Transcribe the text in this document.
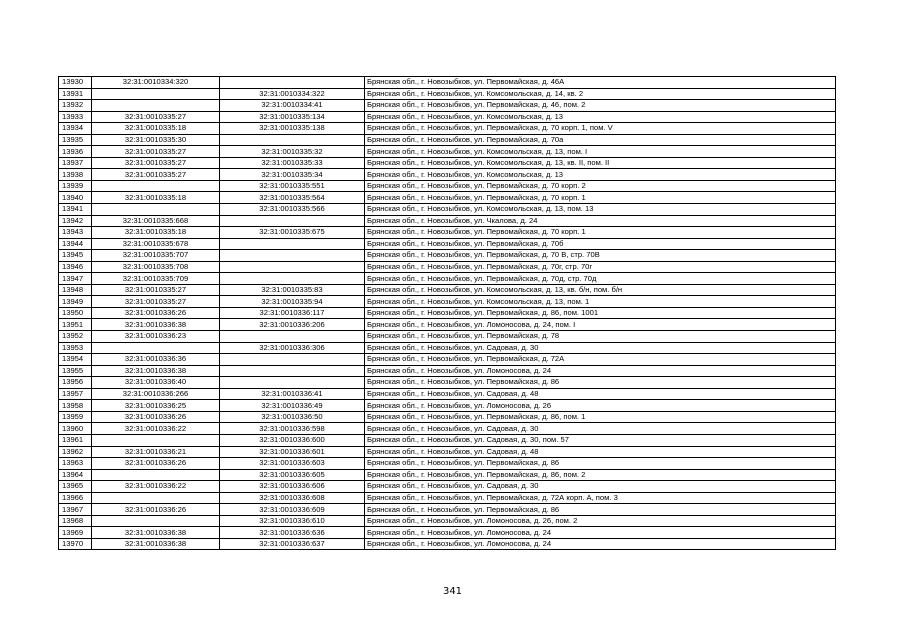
13930	32:31:0010334:320		Брянская обл., г. Новозыбков, ул. Первомайская, д. 46А
13931		32:31:0010334:322	Брянская обл., г. Новозыбков, ул. Комсомольская, д. 14, кв. 2
13932		32:31:0010334:41	Брянская обл., г. Новозыбков, ул. Первомайская, д. 46, пом. 2
13933	32:31:0010335:27	32:31:0010335:134	Брянская обл., г. Новозыбков, ул. Комсомольская, д. 13
13934	32:31:0010335:18	32:31:0010335:138	Брянская обл., г. Новозыбков, ул. Первомайская, д. 70 корп. 1, пом. V
13935	32:31:0010335:30		Брянская обл., г. Новозыбков, ул. Первомайская, д. 70а
13936	32:31:0010335:27	32:31:0010335:32	Брянская обл., г. Новозыбков, ул. Комсомольская, д. 13, пом. I
13937	32:31:0010335:27	32:31:0010335:33	Брянская обл., г. Новозыбков, ул. Комсомольская, д. 13, кв. II, пом. II
13938	32:31:0010335:27	32:31:0010335:34	Брянская обл., г. Новозыбков, ул. Комсомольская, д. 13
13939		32:31:0010335:551	Брянская обл., г. Новозыбков, ул. Первомайская, д. 70 корп. 2
13940	32:31:0010335:18	32:31:0010335:564	Брянская обл., г. Новозыбков, ул. Первомайская, д. 70 корп. 1
13941		32:31:0010335:566	Брянская обл., г. Новозыбков, ул. Комсомольская, д. 13, пом. 13
13942	32:31:0010335:668		Брянская обл., г. Новозыбков, ул. Чкалова, д. 24
13943	32:31:0010335:18	32:31:0010335:675	Брянская обл., г. Новозыбков, ул. Первомайская, д. 70 корп. 1
13944	32:31:0010335:678		Брянская обл., г. Новозыбков, ул. Первомайская, д. 70б
13945	32:31:0010335:707		Брянская обл., г. Новозыбков, ул. Первомайская, д. 70 В, стр. 70В
13946	32:31:0010335:708		Брянская обл., г. Новозыбков, ул. Первомайская, д. 70г, стр. 70г
13947	32:31:0010335:709		Брянская обл., г. Новозыбков, ул. Первомайская, д. 70д, стр. 70д
13948	32:31:0010335:27	32:31:0010335:83	Брянская обл., г. Новозыбков, ул. Комсомольская, д. 13, кв. б/н, пом. б/н
13949	32:31:0010335:27	32:31:0010335:94	Брянская обл., г. Новозыбков, ул. Комсомольская, д. 13, пом. 1
13950	32:31:0010336:26	32:31:0010336:117	Брянская обл., г. Новозыбков, ул. Первомайская, д. 86, пом. 1001
13951	32:31:0010336:38	32:31:0010336:206	Брянская обл., г. Новозыбков, ул. Ломоносова, д. 24, пом. I
13952	32:31:0010336:23		Брянская обл., г. Новозыбков, ул. Первомайская, д. 78
13953		32:31:0010336:306	Брянская обл., г. Новозыбков, ул. Садовая, д. 30
13954	32:31:0010336:36		Брянская обл., г. Новозыбков, ул. Первомайская, д. 72А
13955	32:31:0010336:38		Брянская обл., г. Новозыбков, ул. Ломоносова, д. 24
13956	32:31:0010336:40		Брянская обл., г. Новозыбков, ул. Первомайская, д. 86
13957	32:31:0010336:266	32:31:0010336:41	Брянская обл., г. Новозыбков, ул. Садовая, д. 48
13958	32:31:0010336:25	32:31:0010336:49	Брянская обл., г. Новозыбков, ул. Ломоносова, д. 26
13959	32:31:0010336:26	32:31:0010336:50	Брянская обл., г. Новозыбков, ул. Первомайская, д. 86, пом. 1
13960	32:31:0010336:22	32:31:0010336:598	Брянская обл., г. Новозыбков, ул. Садовая, д. 30
13961		32:31:0010336:600	Брянская обл., г. Новозыбков, ул. Садовая, д. 30, пом. 57
13962	32:31:0010336:21	32:31:0010336:601	Брянская обл., г. Новозыбков, ул. Садовая, д. 48
13963	32:31:0010336:26	32:31:0010336:603	Брянская обл., г. Новозыбков, ул. Первомайская, д. 86
13964		32:31:0010336:605	Брянская обл., г. Новозыбков, ул. Первомайская, д. 86, пом. 2
13965	32:31:0010336:22	32:31:0010336:606	Брянская обл., г. Новозыбков, ул. Садовая, д. 30
13966		32:31:0010336:608	Брянская обл., г. Новозыбков, ул. Первомайская, д. 72А корп. А, пом. 3
13967	32:31:0010336:26	32:31:0010336:609	Брянская обл., г. Новозыбков, ул. Первомайская, д. 86
13968		32:31:0010336:610	Брянская обл., г. Новозыбков, ул. Ломоносова, д. 26, пом. 2
13969	32:31:0010336:38	32:31:0010336:636	Брянская обл., г. Новозыбков, ул. Ломоносова, д. 24
13970	32:31:0010336:38	32:31:0010336:637	Брянская обл., г. Новозыбков, ул. Ломоносова, д. 24
341
